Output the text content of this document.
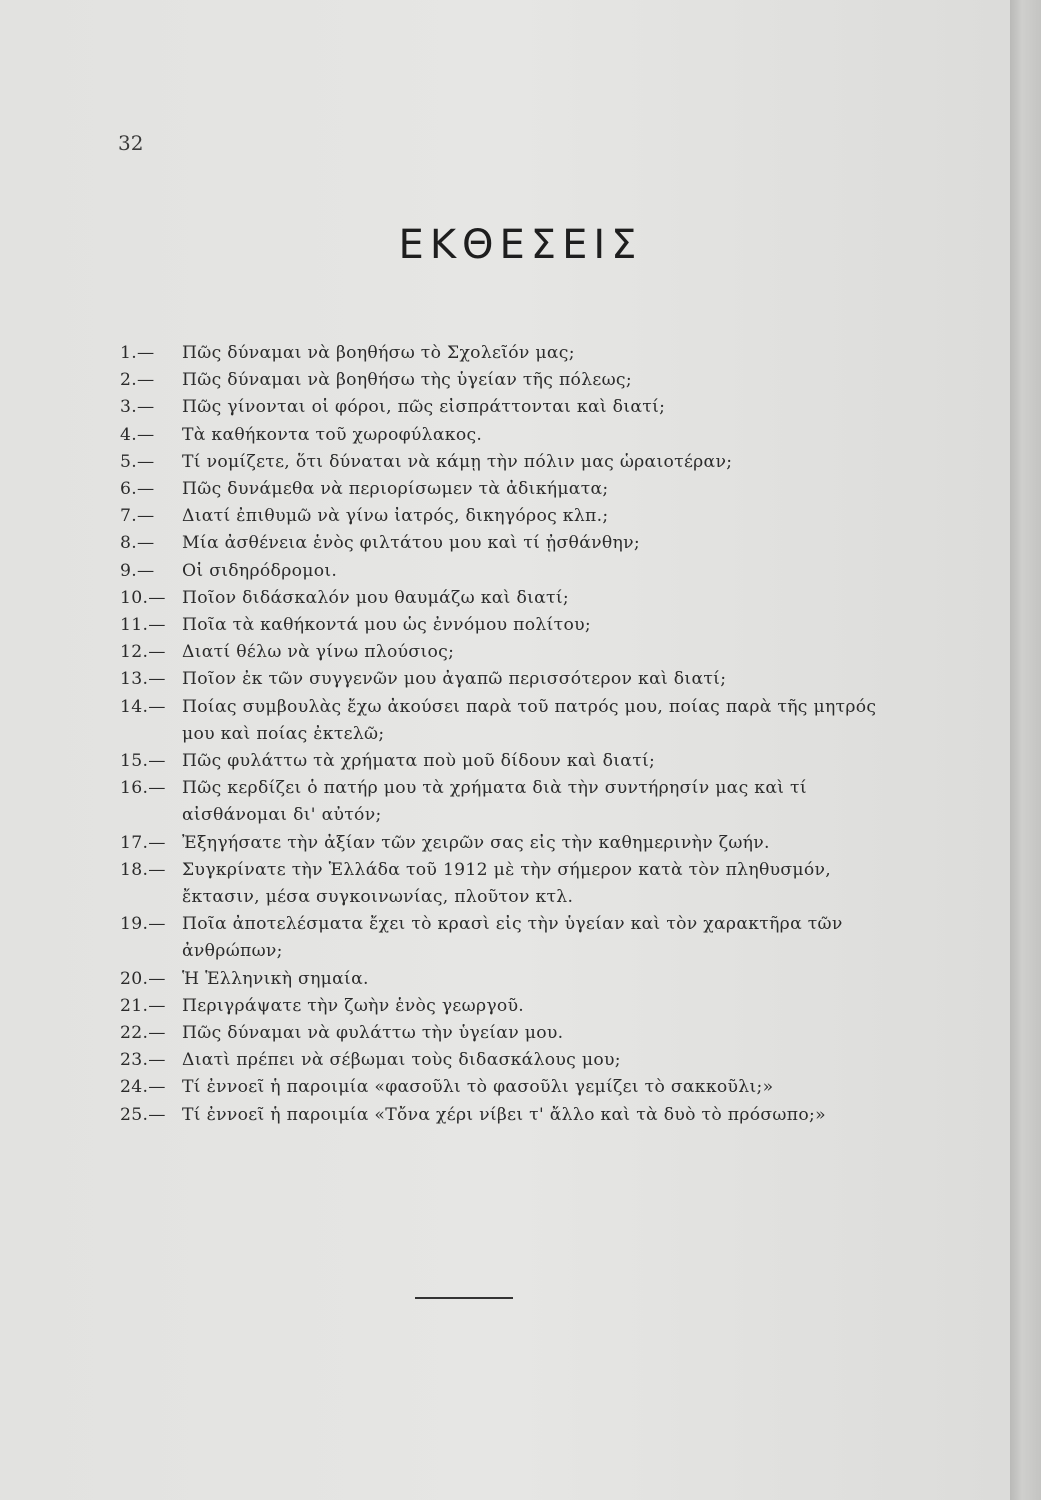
32
ΕΚΘΕΣΕΙΣ
1.—	Πῶς δύναμαι νὰ βοηθήσω τὸ Σχολεῖόν μας;
2.—	Πῶς δύναμαι νὰ βοηθήσω τὴς ὑγείαν τῆς πόλεως;
3.—	Πῶς γίνονται οἱ φόροι, πῶς εἰσπράττονται καὶ διατί;
4.—	Τὰ καθήκοντα τοῦ χωροφύλακος.
5.—	Τί νομίζετε, ὅτι δύναται νὰ κάμῃ τὴν πόλιν μας ὡραιοτέραν;
6.—	Πῶς δυνάμεθα νὰ περιορίσωμεν τὰ ἀδικήματα;
7.—	Διατί ἐπιθυμῶ νὰ γίνω ἰατρός, δικηγόρος κλπ.;
8.—	Μία ἀσθένεια ἑνὸς φιλτάτου μου καὶ τί ᾐσθάνθην;
9.—	Οἱ σιδηρόδρομοι.
10.— Ποῖον διδάσκαλόν μου θαυμάζω καὶ διατί;
11.— Ποῖα τὰ καθήκοντά μου ὡς ἐννόμου πολίτου;
12.— Διατί θέλω νὰ γίνω πλούσιος;
13.— Ποῖον ἐκ τῶν συγγενῶν μου ἀγαπῶ περισσότερον καὶ διατί;
14.— Ποίας συμβουλὰς ἔχω ἀκούσει παρὰ τοῦ πατρός μου, ποίας παρὰ τῆς μητρός μου καὶ ποίας ἐκτελῶ;
15.— Πῶς φυλάττω τὰ χρήματα ποὺ μοῦ δίδουν καὶ διατί;
16.— Πῶς κερδίζει ὁ πατήρ μου τὰ χρήματα διὰ τὴν συντήρησίν μας καὶ τί αἰσθάνομαι δι' αὐτόν;
17.— Ἐξηγήσατε τὴν ἀξίαν τῶν χειρῶν σας εἰς τὴν καθημερινὴν ζωήν.
18.— Συγκρίνατε τὴν Ἑλλάδα τοῦ 1912 μὲ τὴν σήμερον κατὰ τὸν πληθυσμόν, ἔκτασιν, μέσα συγκοινωνίας, πλοῦτον κτλ.
19.— Ποῖα ἀποτελέσματα ἔχει τὸ κρασὶ εἰς τὴν ὑγείαν καὶ τὸν χαρακτῆρα τῶν ἀνθρώπων;
20.— Ἡ Ἑλληνικὴ σημαία.
21.— Περιγράψατε τὴν ζωὴν ἑνὸς γεωργοῦ.
22.— Πῶς δύναμαι νὰ φυλάττω τὴν ὑγείαν μου.
23.— Διατὶ πρέπει νὰ σέβωμαι τοὺς διδασκάλους μου;
24.— Τί ἐννοεῖ ἡ παροιμία «φασοῦλι τὸ φασοῦλι γεμίζει τὸ σακκοῦλι;»
25.— Τί ἐννοεῖ ἡ παροιμία «Τὄνα χέρι νίβει τ' ἄλλο καὶ τὰ δυὸ τὸ πρόσωπο;»
